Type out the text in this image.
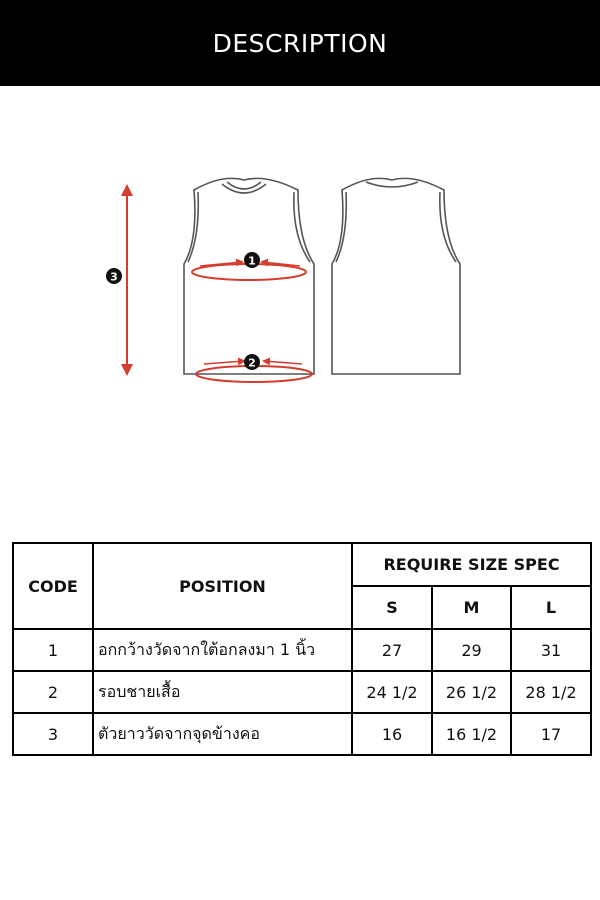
DESCRIPTION
1
2
3
CODE	POSITION	REQUIRE SIZE SPEC		
		S	M	L
1	อกกว้างวัดจากใต้อกลงมา 1 นิ้ว	27	29	31
2	รอบชายเสื้อ	24 1/2	26 1/2	28 1/2
3	ตัวยาววัดจากจุดข้างคอ	16	16 1/2	17
